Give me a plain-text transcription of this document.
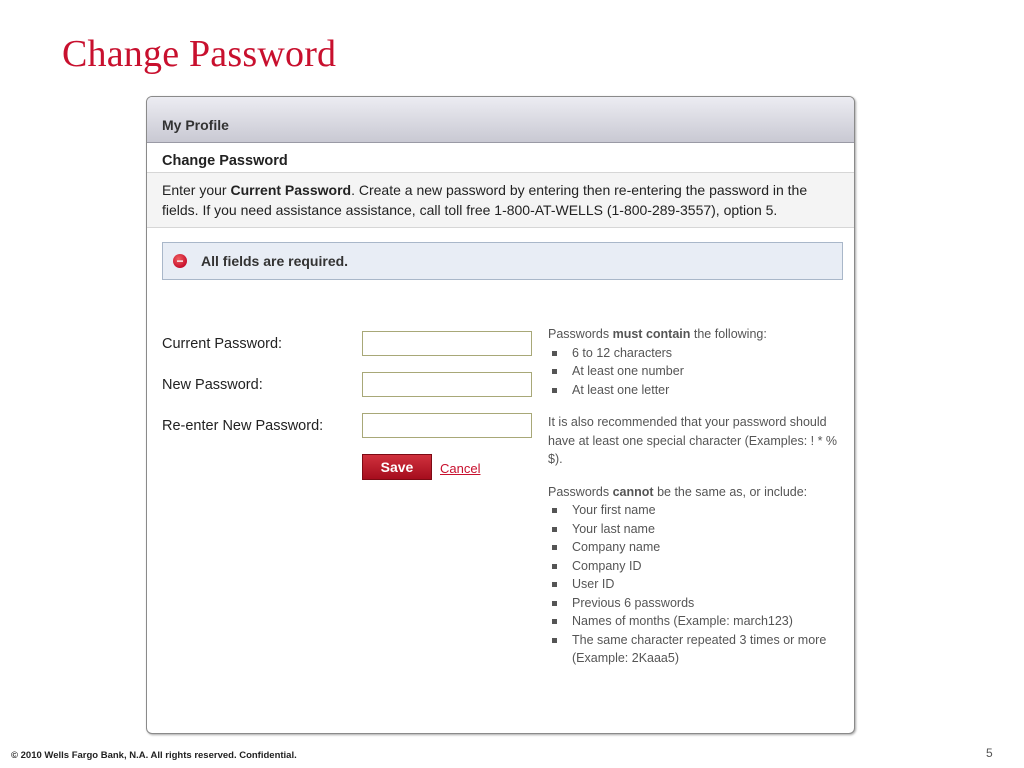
Change Password
My Profile
Change Password
Enter your Current Password. Create a new password by entering then re-entering the password in the fields. If you need assistance assistance, call toll free 1-800-AT-WELLS (1-800-289-3557), option 5.
− All fields are required.
Current Password:
New Password:
Re-enter New Password:
Save	Cancel

Passwords must contain the following:

6 to 12 characters
At least one number
At least one letter

It is also recommended that your password should have at least one special character (Examples: ! * % $).

Passwords cannot be the same as, or include:

Your first name
Your last name
Company name
Company ID
User ID
Previous 6 passwords
Names of months (Example: march123)
The same character repeated 3 times or more (Example: 2Kaaa5)
© 2010 Wells Fargo Bank, N.A. All rights reserved. Confidential.	5
